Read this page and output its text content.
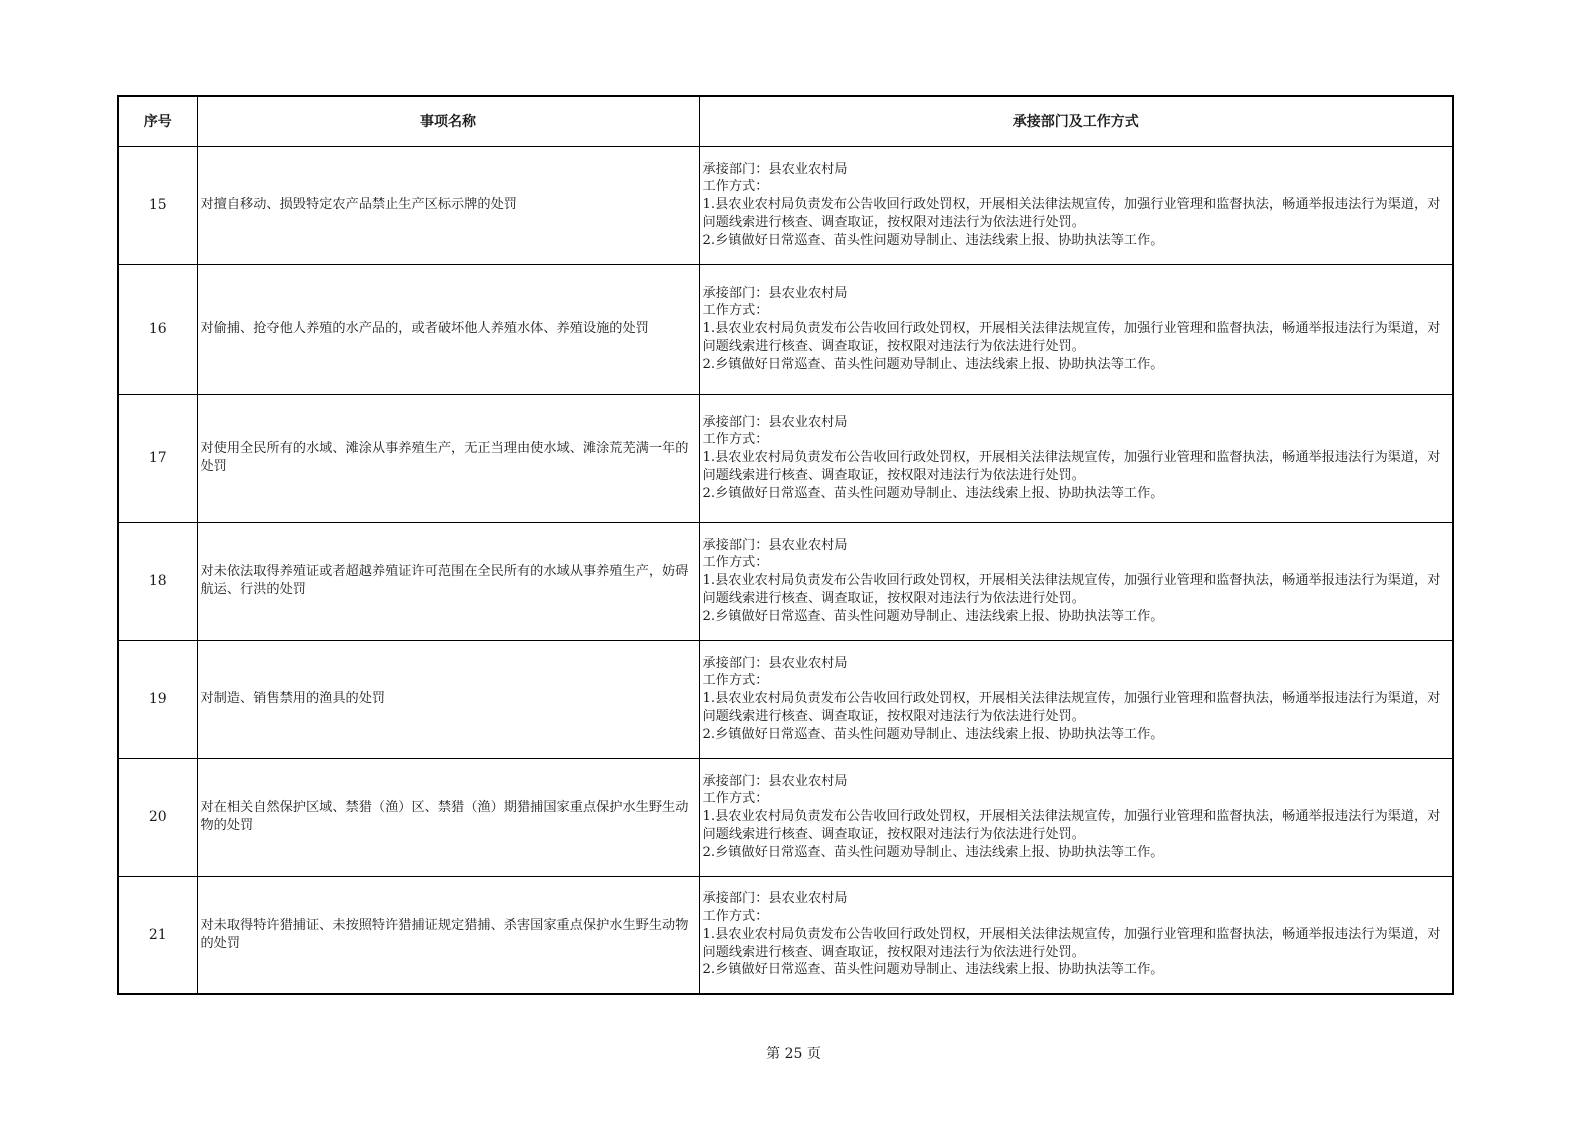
序号	事项名称	承接部门及工作方式
15	对擅自移动、损毁特定农产品禁止生产区标示牌的处罚	承接部门：县农业农村局
工作方式：
1.县农业农村局负责发布公告收回行政处罚权，开展相关法律法规宣传，加强行业管理和监督执法，畅通举报违法行为渠道，对问题线索进行核查、调查取证，按权限对违法行为依法进行处罚。
2.乡镇做好日常巡查、苗头性问题劝导制止、违法线索上报、协助执法等工作。

16	对偷捕、抢夺他人养殖的水产品的，或者破坏他人养殖水体、养殖设施的处罚	承接部门：县农业农村局
工作方式：
1.县农业农村局负责发布公告收回行政处罚权，开展相关法律法规宣传，加强行业管理和监督执法，畅通举报违法行为渠道，对问题线索进行核查、调查取证，按权限对违法行为依法进行处罚。
2.乡镇做好日常巡查、苗头性问题劝导制止、违法线索上报、协助执法等工作。

17	对使用全民所有的水域、滩涂从事养殖生产，无正当理由使水域、滩涂荒芜满一年的处罚	承接部门：县农业农村局
工作方式：
1.县农业农村局负责发布公告收回行政处罚权，开展相关法律法规宣传，加强行业管理和监督执法，畅通举报违法行为渠道，对问题线索进行核查、调查取证，按权限对违法行为依法进行处罚。
2.乡镇做好日常巡查、苗头性问题劝导制止、违法线索上报、协助执法等工作。

18	对未依法取得养殖证或者超越养殖证许可范围在全民所有的水域从事养殖生产，妨碍航运、行洪的处罚	承接部门：县农业农村局
工作方式：
1.县农业农村局负责发布公告收回行政处罚权，开展相关法律法规宣传，加强行业管理和监督执法，畅通举报违法行为渠道，对问题线索进行核查、调查取证，按权限对违法行为依法进行处罚。
2.乡镇做好日常巡查、苗头性问题劝导制止、违法线索上报、协助执法等工作。

19	对制造、销售禁用的渔具的处罚	承接部门：县农业农村局
工作方式：
1.县农业农村局负责发布公告收回行政处罚权，开展相关法律法规宣传，加强行业管理和监督执法，畅通举报违法行为渠道，对问题线索进行核查、调查取证，按权限对违法行为依法进行处罚。
2.乡镇做好日常巡查、苗头性问题劝导制止、违法线索上报、协助执法等工作。

20	对在相关自然保护区域、禁猎（渔）区、禁猎（渔）期猎捕国家重点保护水生野生动物的处罚	承接部门：县农业农村局
工作方式：
1.县农业农村局负责发布公告收回行政处罚权，开展相关法律法规宣传，加强行业管理和监督执法，畅通举报违法行为渠道，对问题线索进行核查、调查取证，按权限对违法行为依法进行处罚。
2.乡镇做好日常巡查、苗头性问题劝导制止、违法线索上报、协助执法等工作。

21	对未取得特许猎捕证、未按照特许猎捕证规定猎捕、杀害国家重点保护水生野生动物的处罚	承接部门：县农业农村局
工作方式：
1.县农业农村局负责发布公告收回行政处罚权，开展相关法律法规宣传，加强行业管理和监督执法，畅通举报违法行为渠道，对问题线索进行核查、调查取证，按权限对违法行为依法进行处罚。
2.乡镇做好日常巡查、苗头性问题劝导制止、违法线索上报、协助执法等工作。
第 25 页
